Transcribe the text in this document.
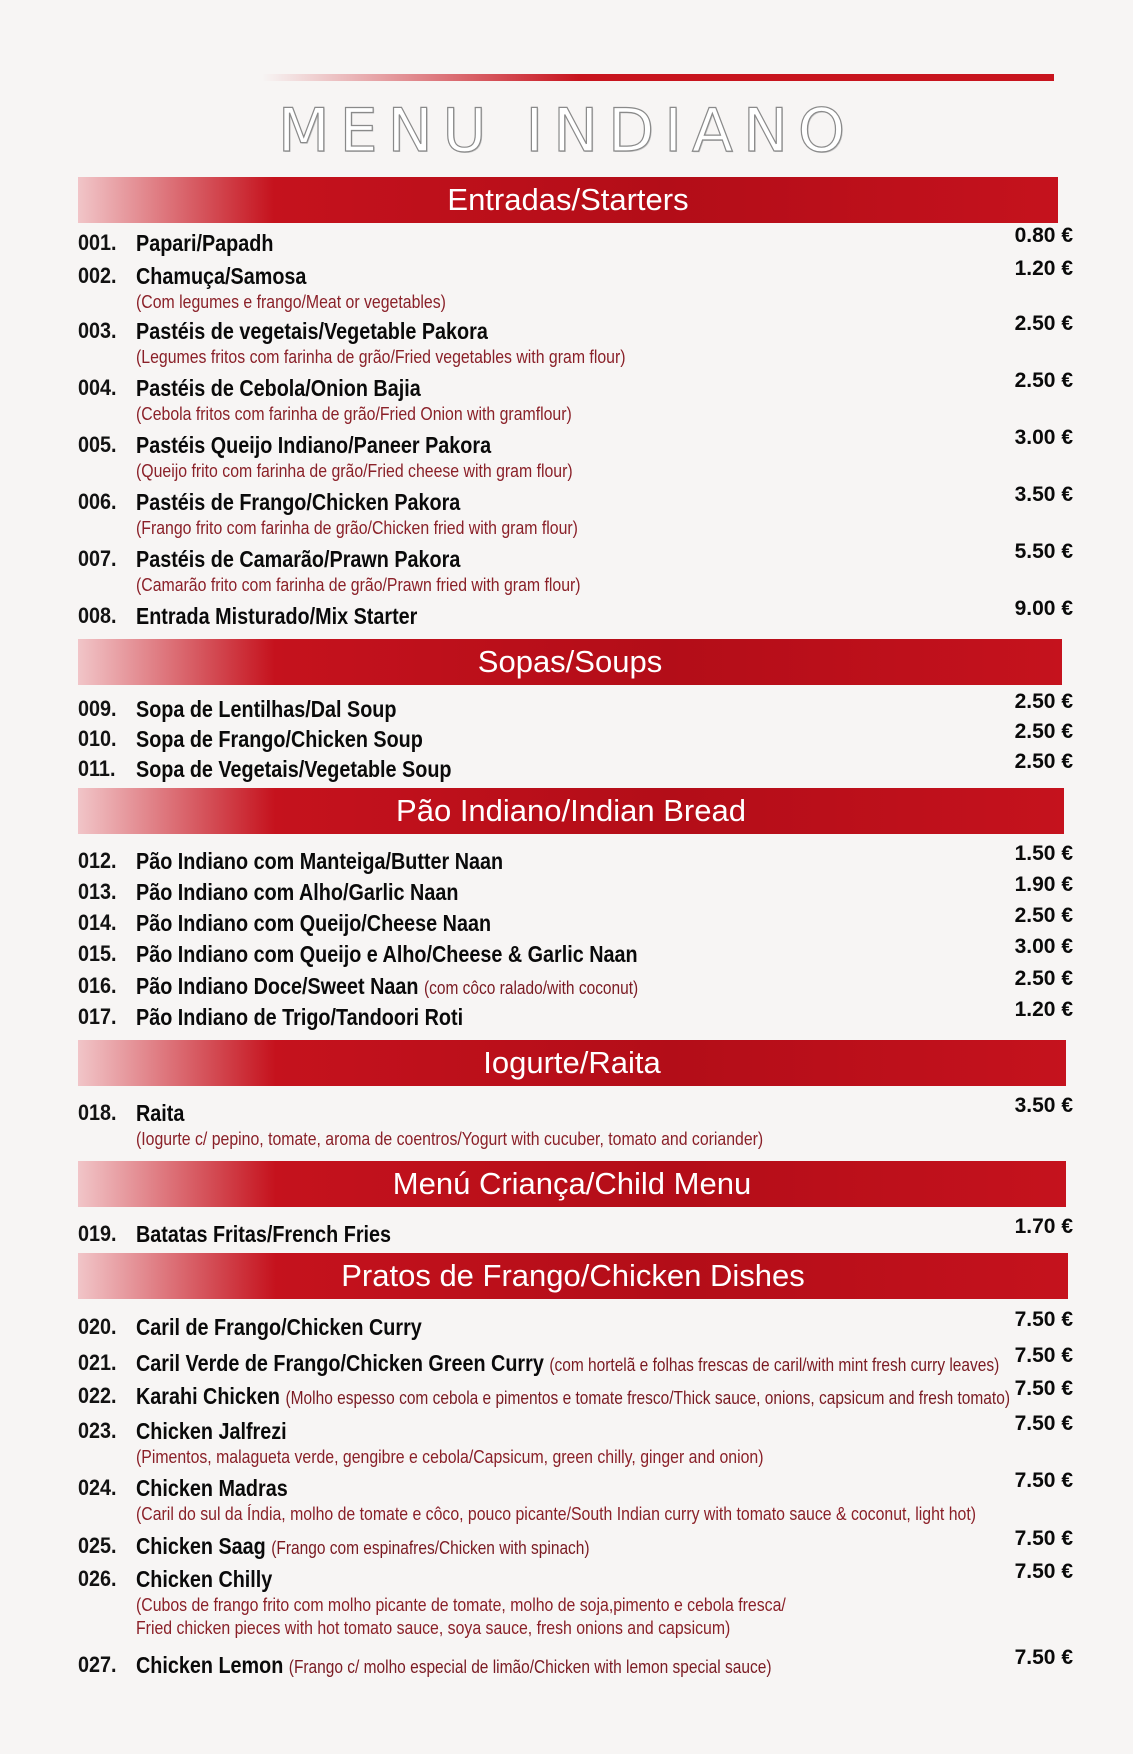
MENU INDIANO
Entradas/Starters
001. Papari/Papadh	0.80 €
002. Chamuça/Samosa	1.20 €
(Com legumes e frango/Meat or vegetables)
003. Pastéis de vegetais/Vegetable Pakora	2.50 €
(Legumes fritos com farinha de grão/Fried vegetables with gram flour)
004. Pastéis de Cebola/Onion Bajia	2.50 €
(Cebola fritos com farinha de grão/Fried Onion with gramflour)
005. Pastéis Queijo Indiano/Paneer Pakora	3.00 €
(Queijo frito com farinha de grão/Fried cheese with gram flour)
006. Pastéis de Frango/Chicken Pakora	3.50 €
(Frango frito com farinha de grão/Chicken fried with gram flour)
007. Pastéis de Camarão/Prawn Pakora	5.50 €
(Camarão frito com farinha de grão/Prawn fried with gram flour)
008. Entrada Misturado/Mix Starter	9.00 €
Sopas/Soups
009. Sopa de Lentilhas/Dal Soup	2.50 €
010. Sopa de Frango/Chicken Soup	2.50 €
011. Sopa de Vegetais/Vegetable Soup	2.50 €
Pão Indiano/Indian Bread
012. Pão Indiano com Manteiga/Butter Naan	1.50 €
013. Pão Indiano com Alho/Garlic Naan	1.90 €
014. Pão Indiano com Queijo/Cheese Naan	2.50 €
015. Pão Indiano com Queijo e Alho/Cheese & Garlic Naan	3.00 €
016. Pão Indiano Doce/Sweet Naan (com côco ralado/with coconut)	2.50 €
017. Pão Indiano de Trigo/Tandoori Roti	1.20 €
Iogurte/Raita
018. Raita	3.50 €
(Iogurte c/ pepino, tomate, aroma de coentros/Yogurt with cucuber, tomato and coriander)
Menú Criança/Child Menu
019. Batatas Fritas/French Fries	1.70 €
Pratos de Frango/Chicken Dishes
020. Caril de Frango/Chicken Curry	7.50 €
021. Caril Verde de Frango/Chicken Green Curry (com hortelã e folhas frescas de caril/with mint fresh curry leaves) 7.50 €
022. Karahi Chicken (Molho espesso com cebola e pimentos e tomate fresco/Thick sauce, onions, capsicum and fresh tomato) 7.50 €
023. Chicken Jalfrezi	7.50 €
(Pimentos, malagueta verde, gengibre e cebola/Capsicum, green chilly, ginger and onion)
024. Chicken Madras	7.50 €
(Caril do sul da Índia, molho de tomate e côco, pouco picante/South Indian curry with tomato sauce & coconut, light hot)
025. Chicken Saag (Frango com espinafres/Chicken with spinach)	7.50 €
026. Chicken Chilly	7.50 €
(Cubos de frango frito com molho picante de tomate, molho de soja,pimento e cebola fresca/
Fried chicken pieces with hot tomato sauce, soya sauce, fresh onions and capsicum)
027. Chicken Lemon (Frango c/ molho especial de limão/Chicken with lemon special sauce)	7.50 €
